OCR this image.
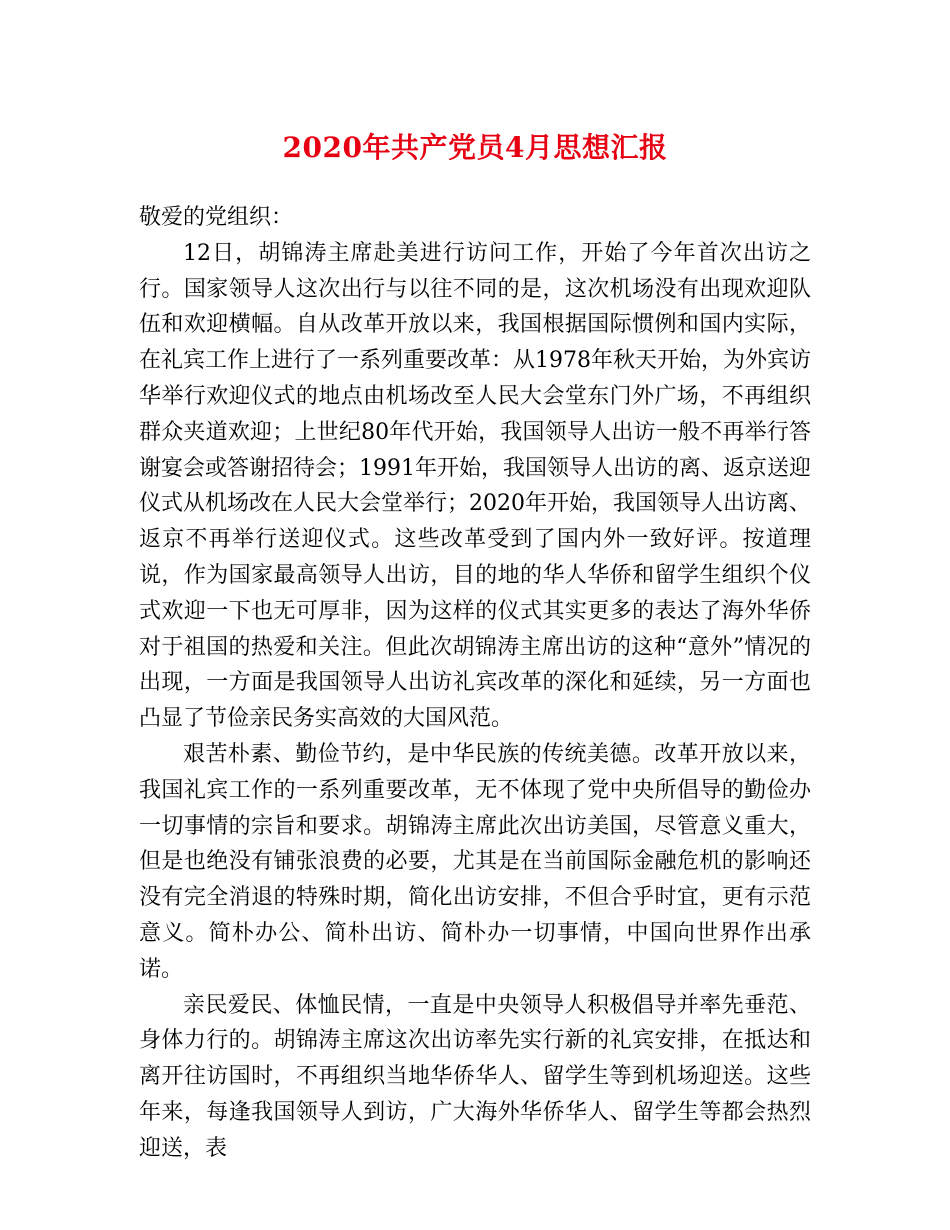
2020年共产党员4月思想汇报

敬爱的党组织：

12日，胡锦涛主席赴美进行访问工作，开始了今年首次出访之行。国家领导人这次出行与以往不同的是，这次机场没有出现欢迎队伍和欢迎横幅。自从改革开放以来，我国根据国际惯例和国内实际，在礼宾工作上进行了一系列重要改革：从1978年秋天开始，为外宾访华举行欢迎仪式的地点由机场改至人民大会堂东门外广场，不再组织群众夹道欢迎；上世纪80年代开始，我国领导人出访一般不再举行答谢宴会或答谢招待会；1991年开始，我国领导人出访的离、返京送迎仪式从机场改在人民大会堂举行；2020年开始，我国领导人出访离、返京不再举行送迎仪式。这些改革受到了国内外一致好评。按道理说，作为国家最高领导人出访，目的地的华人华侨和留学生组织个仪式欢迎一下也无可厚非，因为这样的仪式其实更多的表达了海外华侨对于祖国的热爱和关注。但此次胡锦涛主席出访的这种“意外”情况的出现，一方面是我国领导人出访礼宾改革的深化和延续，另一方面也凸显了节俭亲民务实高效的大国风范。

艰苦朴素、勤俭节约，是中华民族的传统美德。改革开放以来，我国礼宾工作的一系列重要改革，无不体现了党中央所倡导的勤俭办一切事情的宗旨和要求。胡锦涛主席此次出访美国，尽管意义重大，但是也绝没有铺张浪费的必要，尤其是在当前国际金融危机的影响还没有完全消退的特殊时期，简化出访安排，不但合乎时宜，更有示范意义。简朴办公、简朴出访、简朴办一切事情，中国向世界作出承诺。

亲民爱民、体恤民情，一直是中央领导人积极倡导并率先垂范、身体力行的。胡锦涛主席这次出访率先实行新的礼宾安排，在抵达和离开往访国时，不再组织当地华侨华人、留学生等到机场迎送。这些年来，每逢我国领导人到访，广大海外华侨华人、留学生等都会热烈迎送，表
